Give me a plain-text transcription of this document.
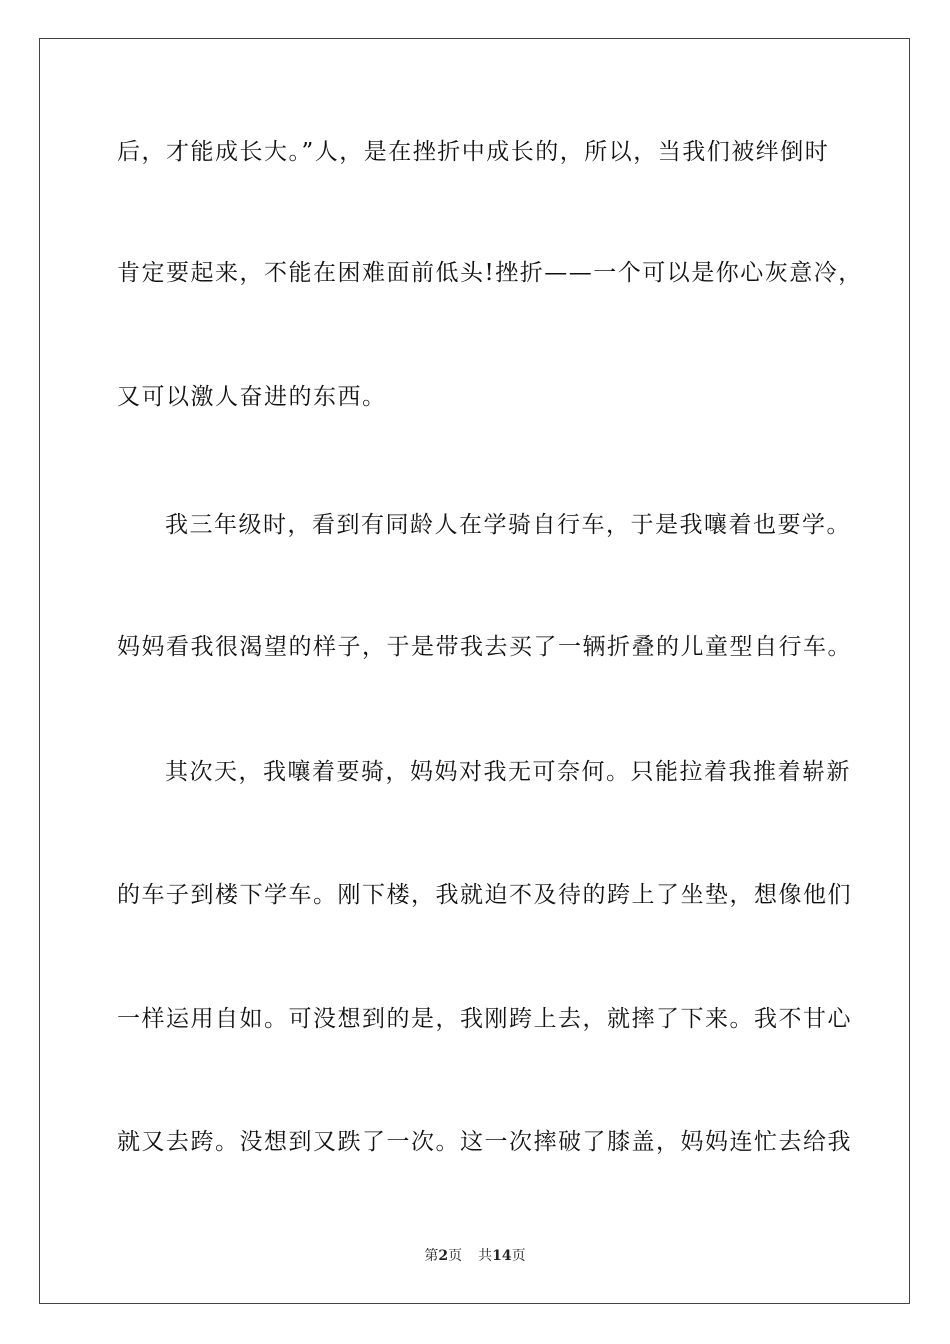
后，才能成长大。”人，是在挫折中成长的，所以，当我们被绊倒时
肯定要起来，不能在困难面前低头!挫折——一个可以是你心灰意冷，
又可以激人奋进的东西。
我三年级时，看到有同龄人在学骑自行车，于是我嚷着也要学。
妈妈看我很渴望的样子，于是带我去买了一辆折叠的儿童型自行车。
其次天，我嚷着要骑，妈妈对我无可奈何。只能拉着我推着崭新
的车子到楼下学车。刚下楼，我就迫不及待的跨上了坐垫，想像他们
一样运用自如。可没想到的是，我刚跨上去，就摔了下来。我不甘心
就又去跨。没想到又跌了一次。这一次摔破了膝盖，妈妈连忙去给我
第2页 共14页
